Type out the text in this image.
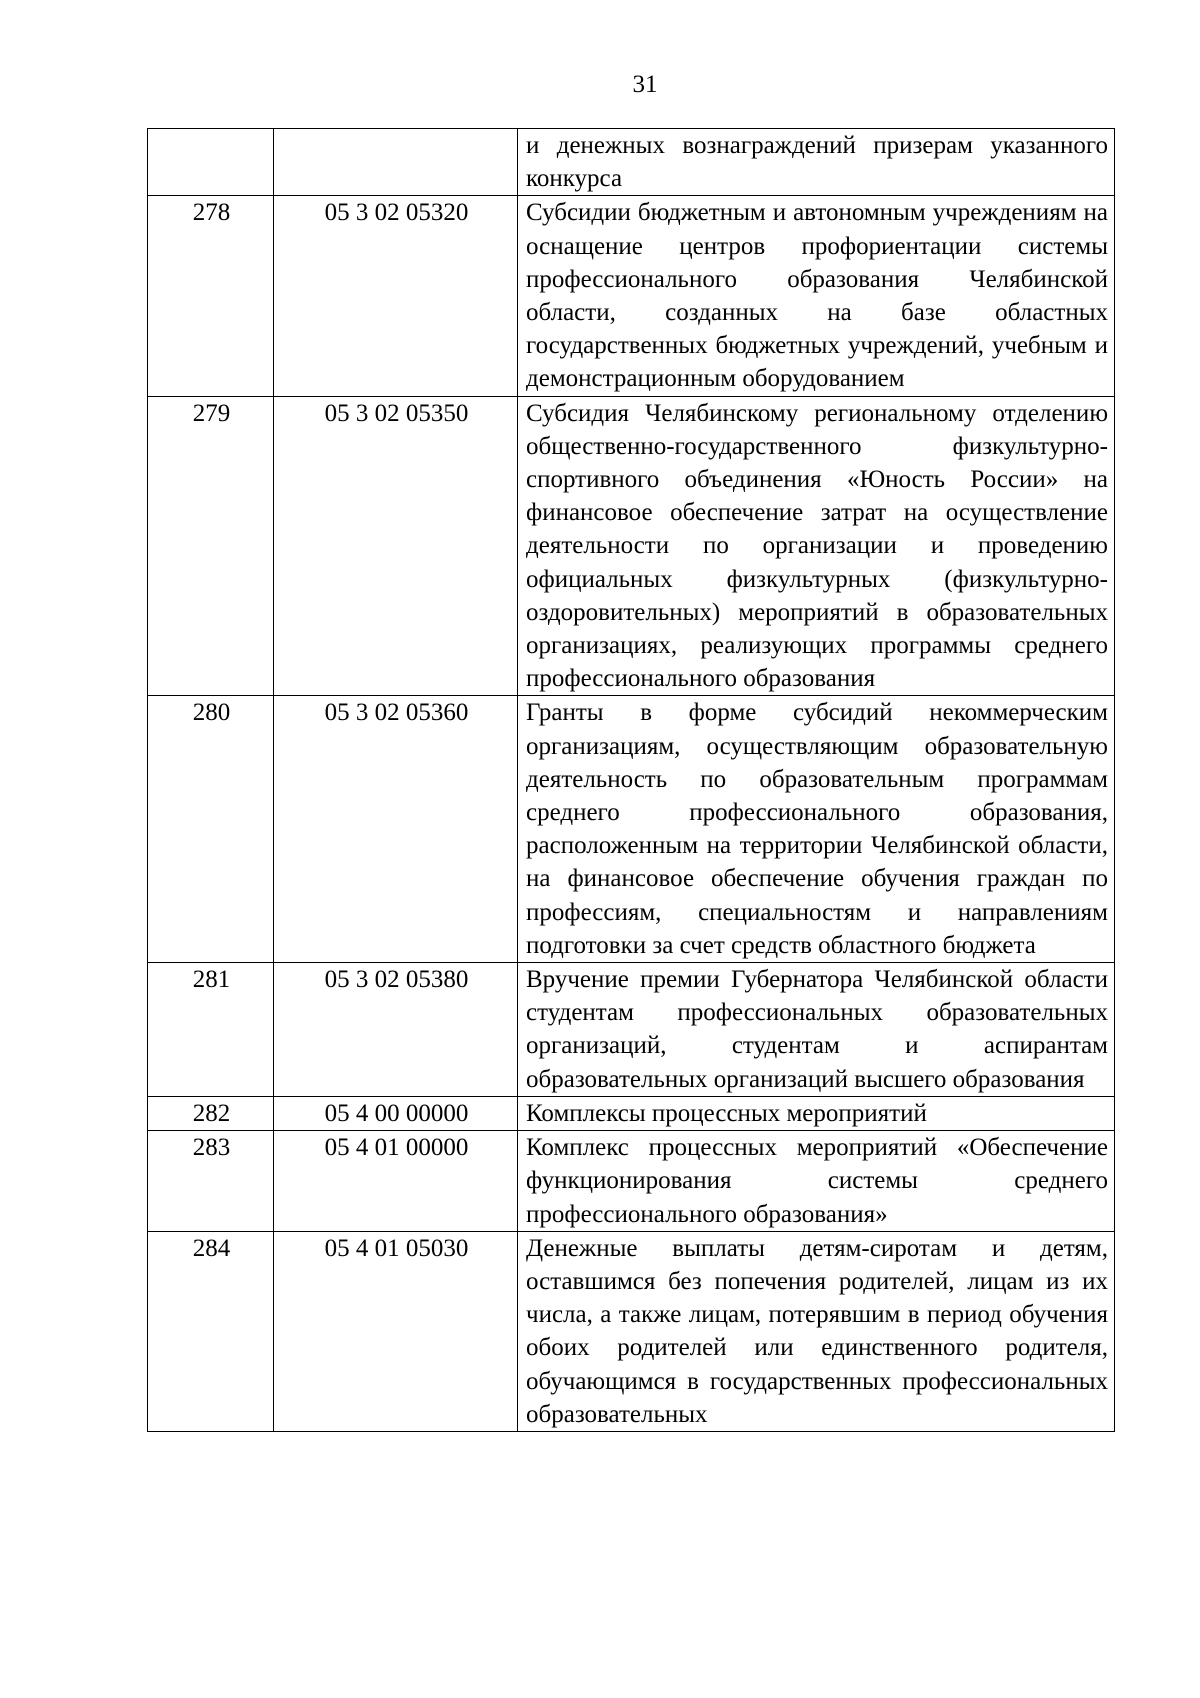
31
		и денежных вознаграждений призерам указанного конкурса
278	05 3 02 05320	Субсидии бюджетным и автономным учреждениям на оснащение центров профориентации системы профессионального образования Челябинской области, созданных на базе областных государственных бюджетных учреждений, учебным и демонстрационным оборудованием
279	05 3 02 05350	Субсидия Челябинскому региональному отделению общественно-государственного физкультурно-спортивного объединения «Юность России» на финансовое обеспечение затрат на осуществление деятельности по организации и проведению официальных физкультурных (физкультурно-оздоровительных) мероприятий в образовательных организациях, реализующих программы среднего профессионального образования
280	05 3 02 05360	Гранты в форме субсидий некоммерческим организациям, осуществляющим образовательную деятельность по образовательным программам среднего профессионального образования, расположенным на территории Челябинской области, на финансовое обеспечение обучения граждан по профессиям, специальностям и направлениям подготовки за счет средств областного бюджета
281	05 3 02 05380	Вручение премии Губернатора Челябинской области студентам профессиональных образовательных организаций, студентам и аспирантам образовательных организаций высшего образования
282	05 4 00 00000	Комплексы процессных мероприятий
283	05 4 01 00000	Комплекс процессных мероприятий «Обеспечение функционирования системы среднего профессионального образования»
284	05 4 01 05030	Денежные выплаты детям-сиротам и детям, оставшимся без попечения родителей, лицам из их числа, а также лицам, потерявшим в период обучения обоих родителей или единственного родителя, обучающимся в государственных профессиональных образовательных
